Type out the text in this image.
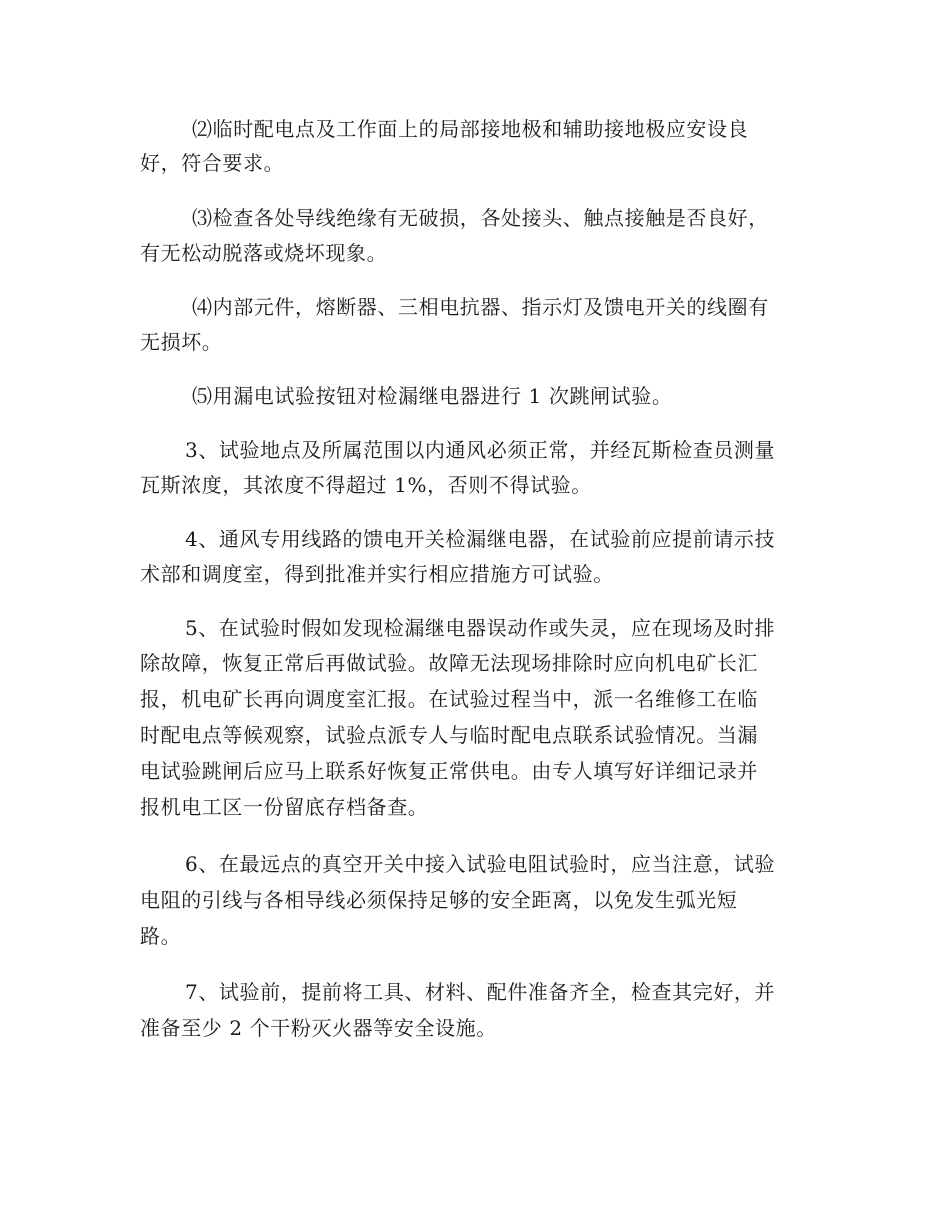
⑵临时配电点及工作面上的局部接地极和辅助接地极应安设良
好，符合要求。
⑶检查各处导线绝缘有无破损，各处接头、触点接触是否良好，
有无松动脱落或烧坏现象。
⑷内部元件，熔断器、三相电抗器、指示灯及馈电开关的线圈有
无损坏。
⑸用漏电试验按钮对检漏继电器进行 1 次跳闸试验。
3、试验地点及所属范围以内通风必须正常，并经瓦斯检查员测量
瓦斯浓度，其浓度不得超过 1%，否则不得试验。
4、通风专用线路的馈电开关检漏继电器，在试验前应提前请示技
术部和调度室，得到批准并实行相应措施方可试验。
5、在试验时假如发现检漏继电器误动作或失灵，应在现场及时排
除故障，恢复正常后再做试验。故障无法现场排除时应向机电矿长汇
报，机电矿长再向调度室汇报。在试验过程当中，派一名维修工在临
时配电点等候观察，试验点派专人与临时配电点联系试验情况。当漏
电试验跳闸后应马上联系好恢复正常供电。由专人填写好详细记录并
报机电工区一份留底存档备查。
6、在最远点的真空开关中接入试验电阻试验时，应当注意，试验
电阻的引线与各相导线必须保持足够的安全距离，以免发生弧光短
路。
7、试验前，提前将工具、材料、配件准备齐全，检查其完好，并
准备至少 2 个干粉灭火器等安全设施。
